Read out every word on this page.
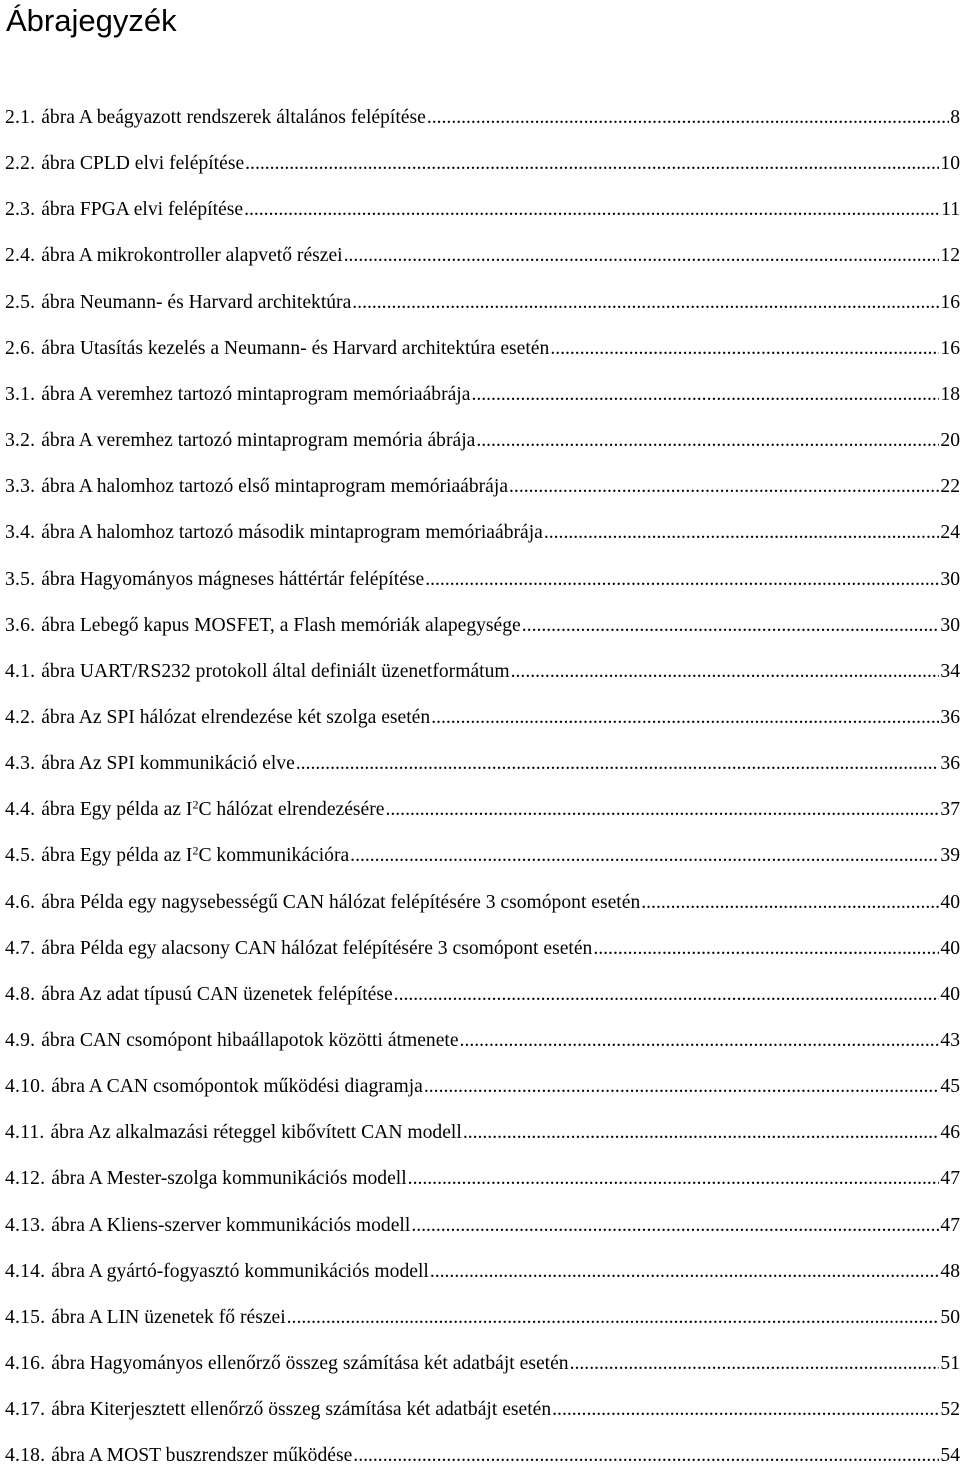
Ábrajegyzék
2.1. ábra A beágyazott rendszerek általános felépítése .....	8
2.2. ábra CPLD elvi felépítése .....	10
2.3. ábra FPGA elvi felépítése .....	11
2.4. ábra A mikrokontroller alapvető részei .....	12
2.5. ábra Neumann- és Harvard architektúra .....	16
2.6. ábra Utasítás kezelés a Neumann- és Harvard architektúra esetén .....	16
3.1. ábra A veremhez tartozó mintaprogram memóriaábrája .....	18
3.2. ábra A veremhez tartozó mintaprogram memória ábrája .....	20
3.3. ábra A halomhoz tartozó első mintaprogram memóriaábrája .....	22
3.4. ábra A halomhoz tartozó második mintaprogram memóriaábrája .....	24
3.5. ábra Hagyományos mágneses háttértár felépítése .....	30
3.6. ábra Lebegő kapus MOSFET, a Flash memóriák alapegysége .....	30
4.1. ábra UART/RS232 protokoll által definiált üzenetformátum .....	34
4.2. ábra Az SPI hálózat elrendezése két szolga esetén .....	36
4.3. ábra Az SPI kommunikáció elve .....	36
4.4. ábra Egy példa az $I^2C$ hálózat elrendezésére .....	37
4.5. ábra Egy példa az $I^2C$ kommunikációra .....	39
4.6. ábra Példa egy nagysebességű CAN hálózat felépítésére 3 csomópont esetén .....	40
4.7. ábra Példa egy alacsony CAN hálózat felépítésére 3 csomópont esetén .....	40
4.8. ábra Az adat típusú CAN üzenetek felépítése .....	40
4.9. ábra CAN csomópont hibaállapotok közötti átmenete .....	43
4.10. ábra A CAN csomópontok működési diagramja .....	45
4.11. ábra Az alkalmazási réteggel kibővített CAN modell .....	46
4.12. ábra A Mester-szolga kommunikációs modell .....	47
4.13. ábra A Kliens-szerver kommunikációs modell .....	47
4.14. ábra A gyártó-fogyasztó kommunikációs modell .....	48
4.15. ábra A LIN üzenetek fő részei .....	50
4.16. ábra Hagyományos ellenőrző összeg számítása két adatbájt esetén .....	51
4.17. ábra Kiterjesztett ellenőrző összeg számítása két adatbájt esetén .....	52
4.18. ábra A MOST buszrendszer működése .....	54
